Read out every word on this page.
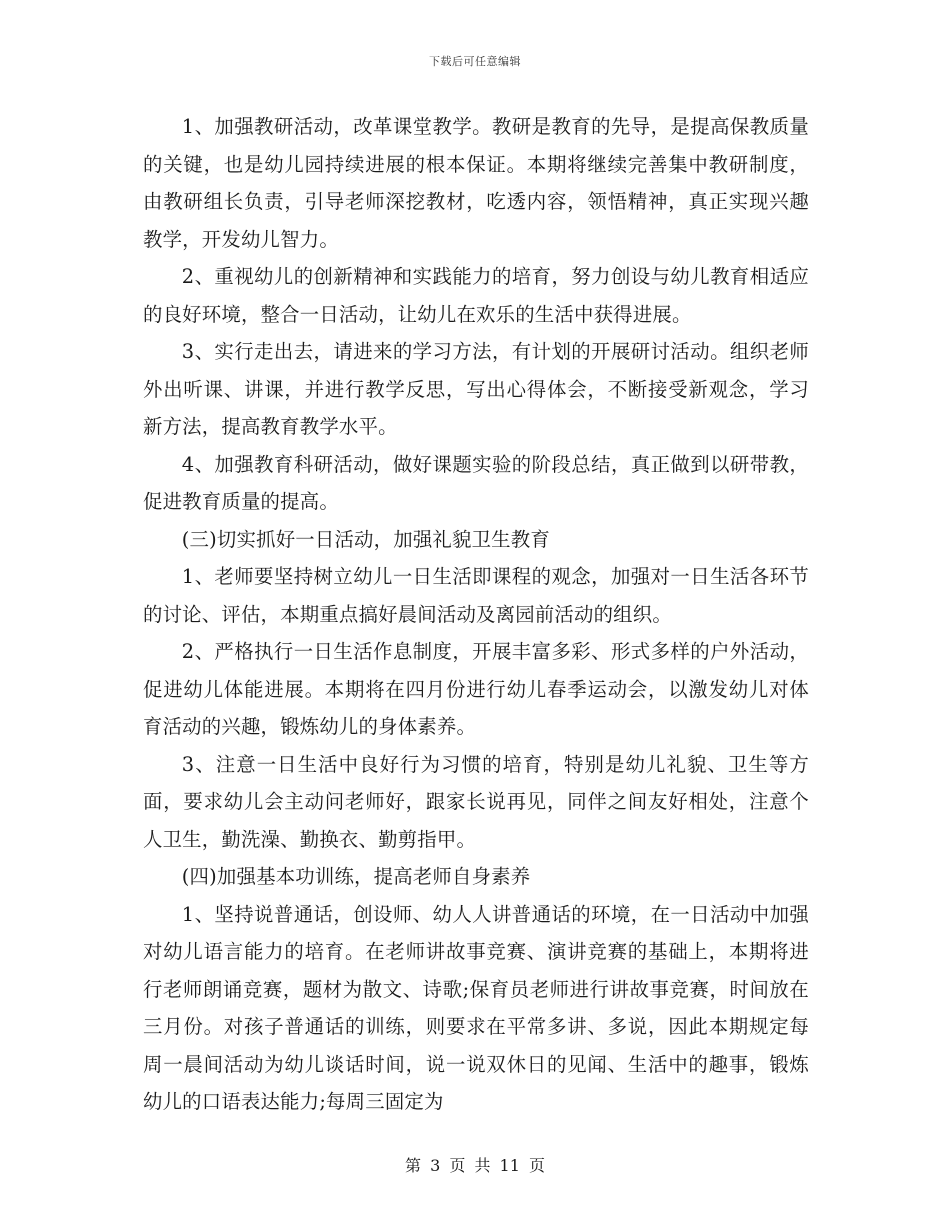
下载后可任意编辑

1、加强教研活动，改革课堂教学。教研是教育的先导，是提高保教质量的关键，也是幼儿园持续进展的根本保证。本期将继续完善集中教研制度，由教研组长负责，引导老师深挖教材，吃透内容，领悟精神，真正实现兴趣教学，开发幼儿智力。

2、重视幼儿的创新精神和实践能力的培育，努力创设与幼儿教育相适应的良好环境，整合一日活动，让幼儿在欢乐的生活中获得进展。

3、实行走出去，请进来的学习方法，有计划的开展研讨活动。组织老师外出听课、讲课，并进行教学反思，写出心得体会，不断接受新观念，学习新方法，提高教育教学水平。

4、加强教育科研活动，做好课题实验的阶段总结，真正做到以研带教，促进教育质量的提高。

(三)切实抓好一日活动，加强礼貌卫生教育

1、老师要坚持树立幼儿一日生活即课程的观念，加强对一日生活各环节的讨论、评估，本期重点搞好晨间活动及离园前活动的组织。

2、严格执行一日生活作息制度，开展丰富多彩、形式多样的户外活动，促进幼儿体能进展。本期将在四月份进行幼儿春季运动会，以激发幼儿对体育活动的兴趣，锻炼幼儿的身体素养。

3、注意一日生活中良好行为习惯的培育，特别是幼儿礼貌、卫生等方面，要求幼儿会主动问老师好，跟家长说再见，同伴之间友好相处，注意个人卫生，勤洗澡、勤换衣、勤剪指甲。

(四)加强基本功训练，提高老师自身素养

1、坚持说普通话，创设师、幼人人讲普通话的环境，在一日活动中加强对幼儿语言能力的培育。在老师讲故事竞赛、演讲竞赛的基础上，本期将进行老师朗诵竞赛，题材为散文、诗歌;保育员老师进行讲故事竞赛，时间放在三月份。对孩子普通话的训练，则要求在平常多讲、多说，因此本期规定每周一晨间活动为幼儿谈话时间，说一说双休日的见闻、生活中的趣事，锻炼幼儿的口语表达能力;每周三固定为

第 3 页 共 11 页
